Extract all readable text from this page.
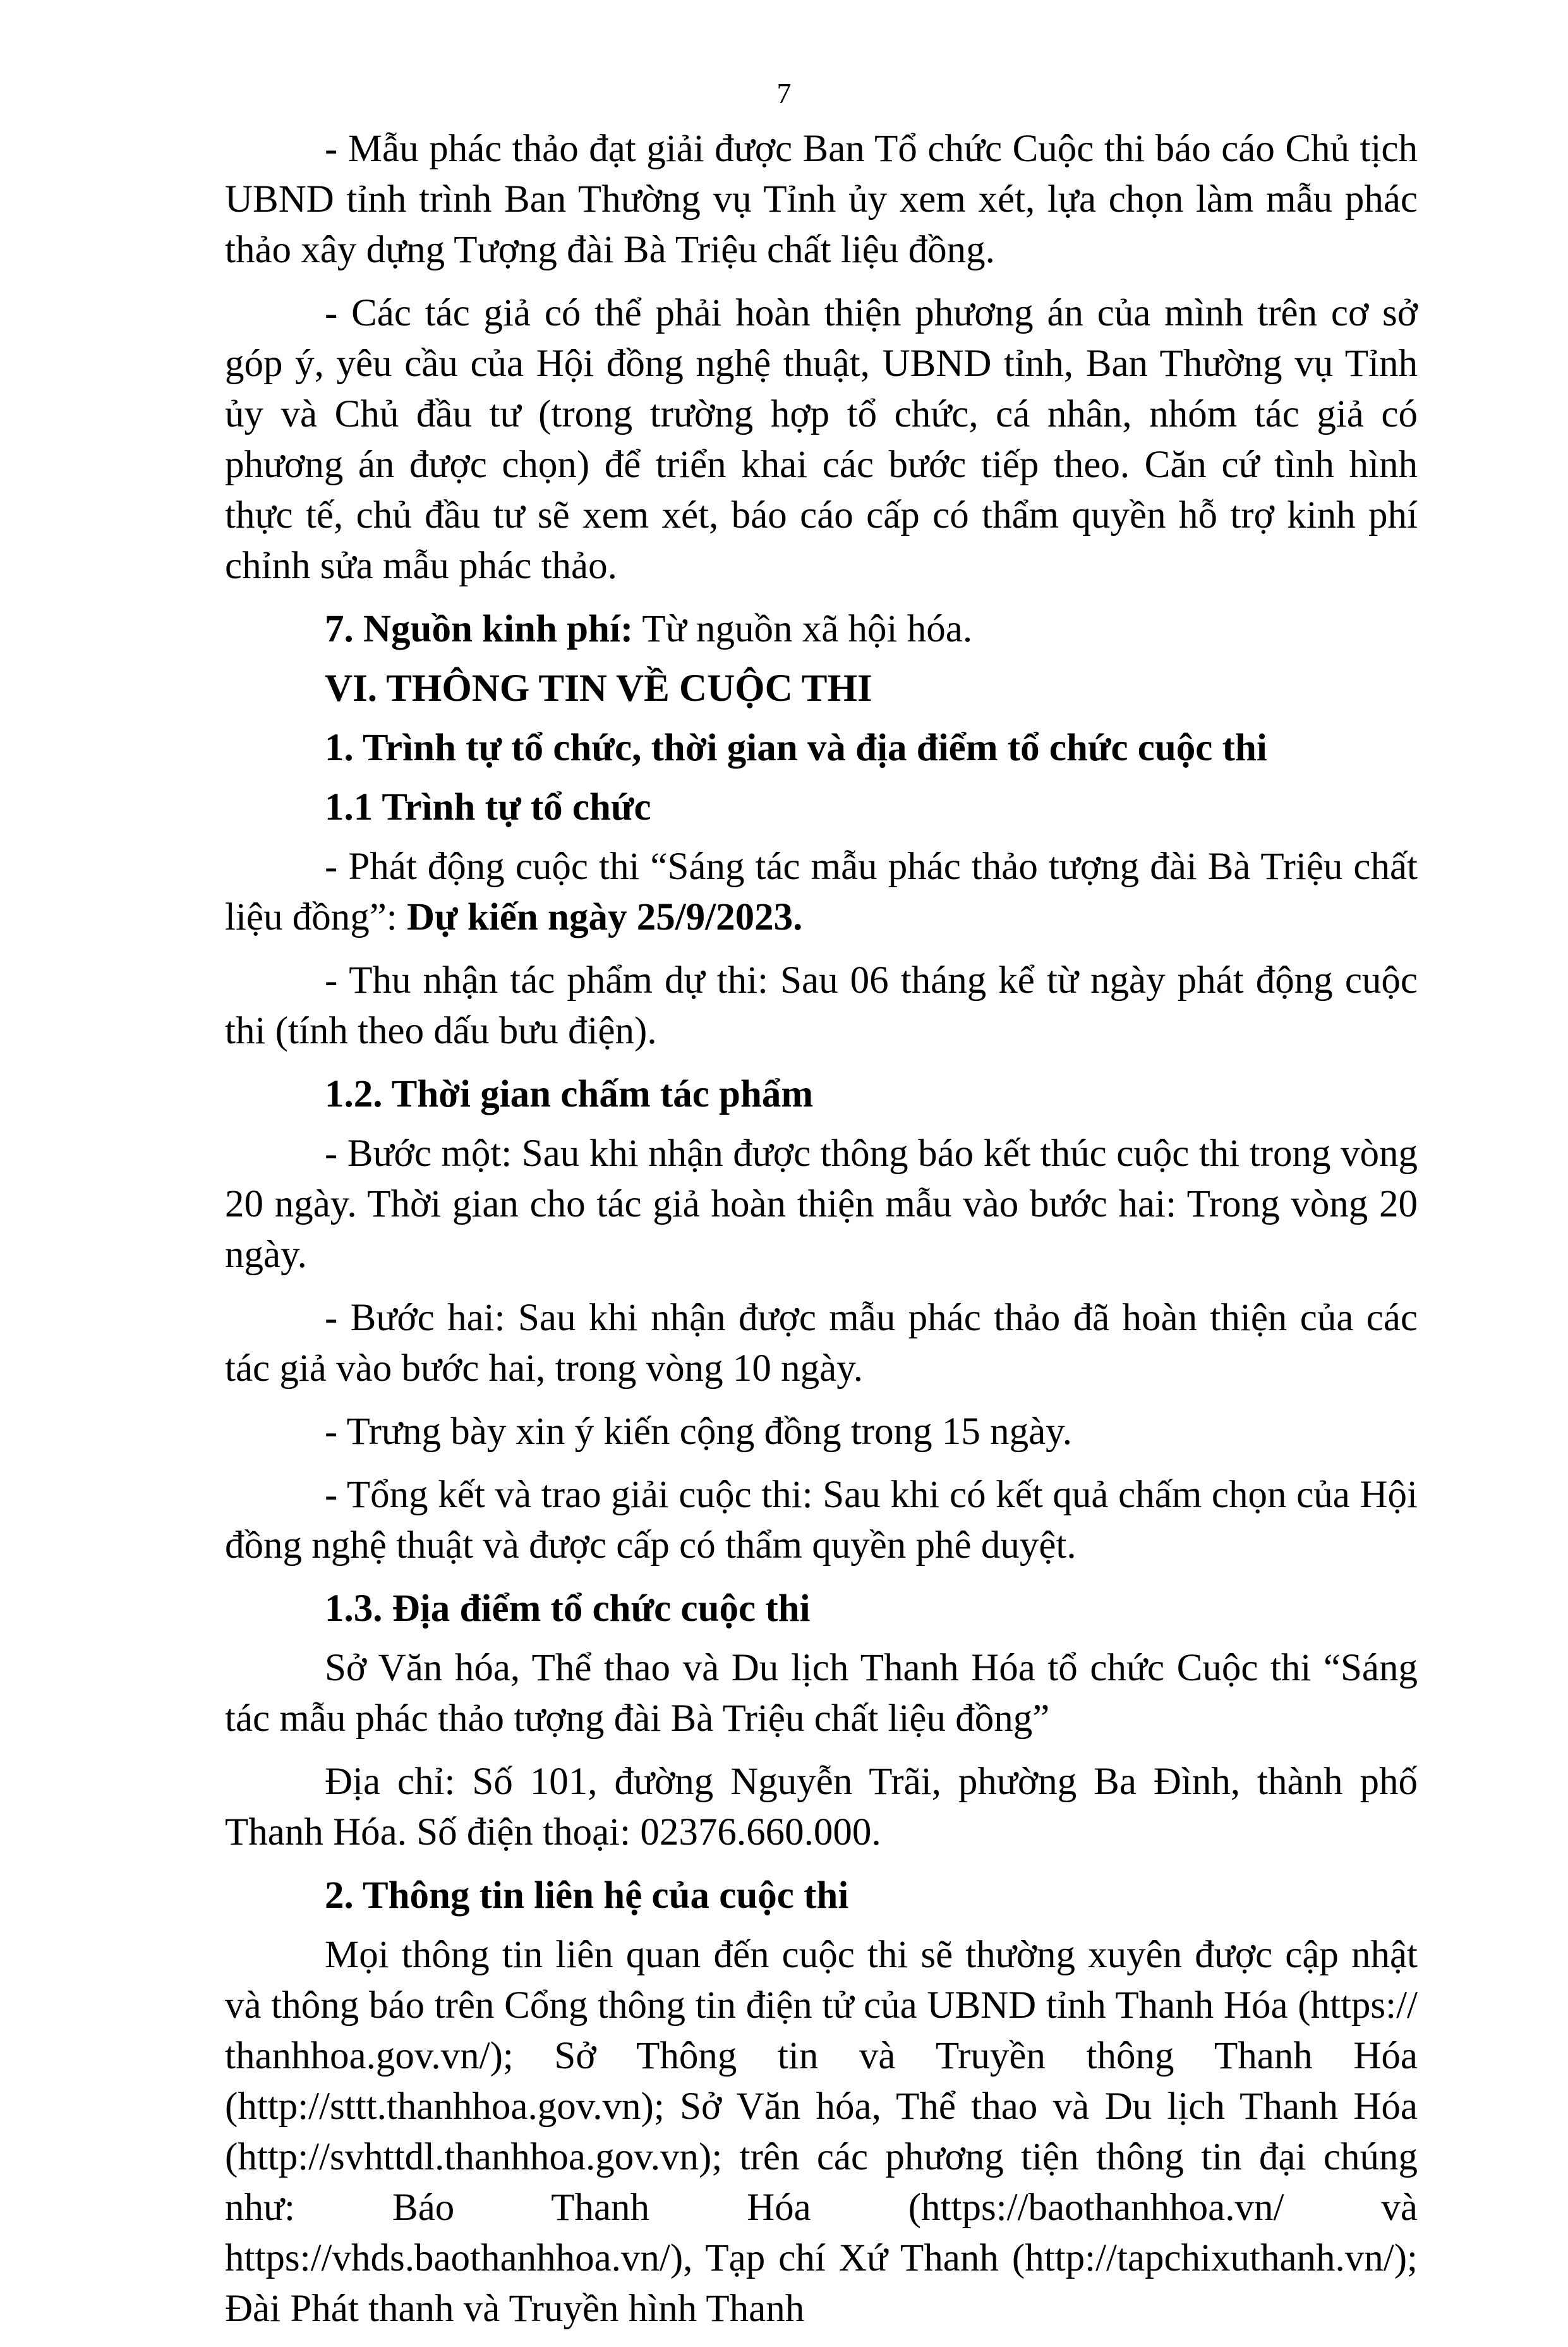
7

- Mẫu phác thảo đạt giải được Ban Tổ chức Cuộc thi báo cáo Chủ tịch UBND tỉnh trình Ban Thường vụ Tỉnh ủy xem xét, lựa chọn làm mẫu phác thảo xây dựng Tượng đài Bà Triệu chất liệu đồng.

- Các tác giả có thể phải hoàn thiện phương án của mình trên cơ sở góp ý, yêu cầu của Hội đồng nghệ thuật, UBND tỉnh, Ban Thường vụ Tỉnh ủy và Chủ đầu tư (trong trường hợp tổ chức, cá nhân, nhóm tác giả có phương án được chọn) để triển khai các bước tiếp theo. Căn cứ tình hình thực tế, chủ đầu tư sẽ xem xét, báo cáo cấp có thẩm quyền hỗ trợ kinh phí chỉnh sửa mẫu phác thảo.

7. Nguồn kinh phí: Từ nguồn xã hội hóa.

VI. THÔNG TIN VỀ CUỘC THI

1. Trình tự tổ chức, thời gian và địa điểm tổ chức cuộc thi

1.1 Trình tự tổ chức

- Phát động cuộc thi “Sáng tác mẫu phác thảo tượng đài Bà Triệu chất liệu đồng”: Dự kiến ngày 25/9/2023.

- Thu nhận tác phẩm dự thi: Sau 06 tháng kể từ ngày phát động cuộc thi (tính theo dấu bưu điện).

1.2. Thời gian chấm tác phẩm

- Bước một: Sau khi nhận được thông báo kết thúc cuộc thi trong vòng 20 ngày. Thời gian cho tác giả hoàn thiện mẫu vào bước hai: Trong vòng 20 ngày.

- Bước hai: Sau khi nhận được mẫu phác thảo đã hoàn thiện của các tác giả vào bước hai, trong vòng 10 ngày.

- Trưng bày xin ý kiến cộng đồng trong 15 ngày.

- Tổng kết và trao giải cuộc thi: Sau khi có kết quả chấm chọn của Hội đồng nghệ thuật và được cấp có thẩm quyền phê duyệt.

1.3. Địa điểm tổ chức cuộc thi

Sở Văn hóa, Thể thao và Du lịch Thanh Hóa tổ chức Cuộc thi “Sáng tác mẫu phác thảo tượng đài Bà Triệu chất liệu đồng”

Địa chỉ: Số 101, đường Nguyễn Trãi, phường Ba Đình, thành phố Thanh Hóa. Số điện thoại: 02376.660.000.

2. Thông tin liên hệ của cuộc thi

Mọi thông tin liên quan đến cuộc thi sẽ thường xuyên được cập nhật và thông báo trên Cổng thông tin điện tử của UBND tỉnh Thanh Hóa (https:// thanhhoa.gov.vn/); Sở Thông tin và Truyền thông Thanh Hóa (http://sttt.thanhhoa.gov.vn); Sở Văn hóa, Thể thao và Du lịch Thanh Hóa (http://svhttdl.thanhhoa.gov.vn); trên các phương tiện thông tin đại chúng như: Báo Thanh Hóa (https://baothanhhoa.vn/ và https://vhds.baothanhhoa.vn/), Tạp chí Xứ Thanh (http://tapchixuthanh.vn/); Đài Phát thanh và Truyền hình Thanh
